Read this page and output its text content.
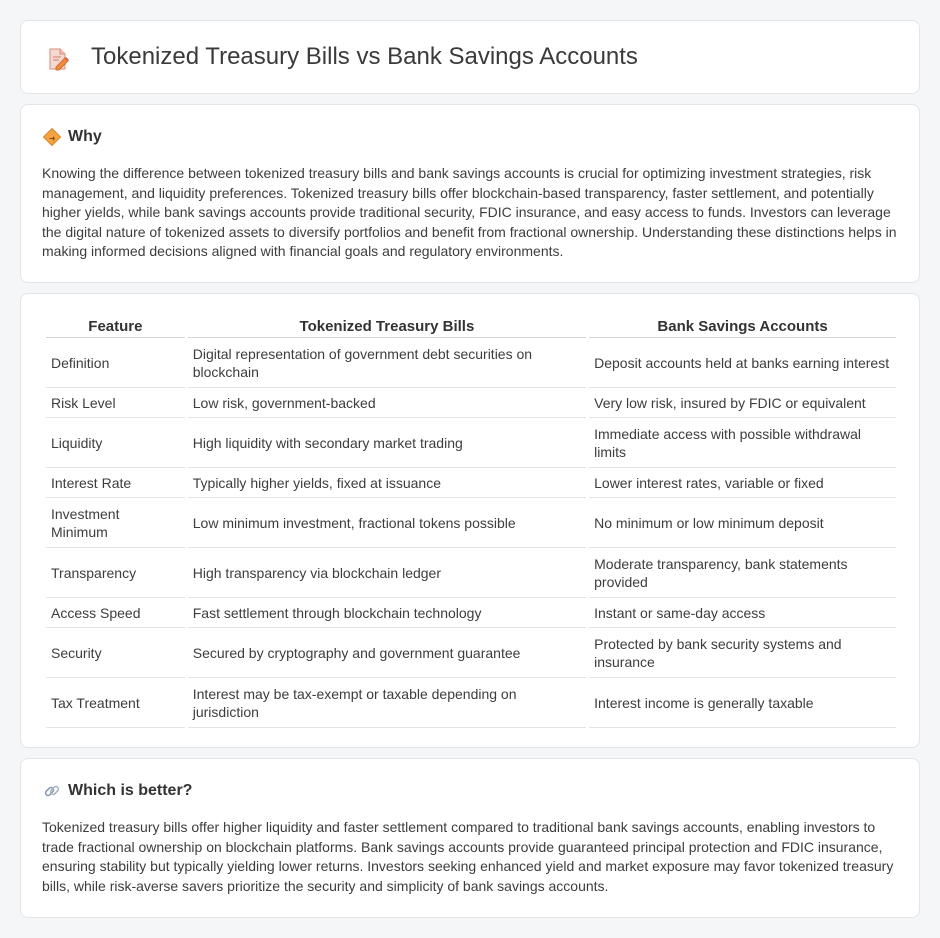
Tokenized Treasury Bills vs Bank Savings Accounts
Why

Knowing the difference between tokenized treasury bills and bank savings accounts is crucial for optimizing investment strategies, risk management, and liquidity preferences. Tokenized treasury bills offer blockchain-based transparency, faster settlement, and potentially higher yields, while bank savings accounts provide traditional security, FDIC insurance, and easy access to funds. Investors can leverage the digital nature of tokenized assets to diversify portfolios and benefit from fractional ownership. Understanding these distinctions helps in making informed decisions aligned with financial goals and regulatory environments.

Feature	Tokenized Treasury Bills	Bank Savings Accounts
Definition	Digital representation of government debt securities on blockchain	Deposit accounts held at banks earning interest
Risk Level	Low risk, government-backed	Very low risk, insured by FDIC or equivalent
Liquidity	High liquidity with secondary market trading	Immediate access with possible withdrawal limits
Interest Rate	Typically higher yields, fixed at issuance	Lower interest rates, variable or fixed
Investment Minimum	Low minimum investment, fractional tokens possible	No minimum or low minimum deposit
Transparency	High transparency via blockchain ledger	Moderate transparency, bank statements provided
Access Speed	Fast settlement through blockchain technology	Instant or same-day access
Security	Secured by cryptography and government guarantee	Protected by bank security systems and insurance
Tax Treatment	Interest may be tax-exempt or taxable depending on jurisdiction	Interest income is generally taxable
Which is better?

Tokenized treasury bills offer higher liquidity and faster settlement compared to traditional bank savings accounts, enabling investors to trade fractional ownership on blockchain platforms. Bank savings accounts provide guaranteed principal protection and FDIC insurance, ensuring stability but typically yielding lower returns. Investors seeking enhanced yield and market exposure may favor tokenized treasury bills, while risk-averse savers prioritize the security and simplicity of bank savings accounts.
